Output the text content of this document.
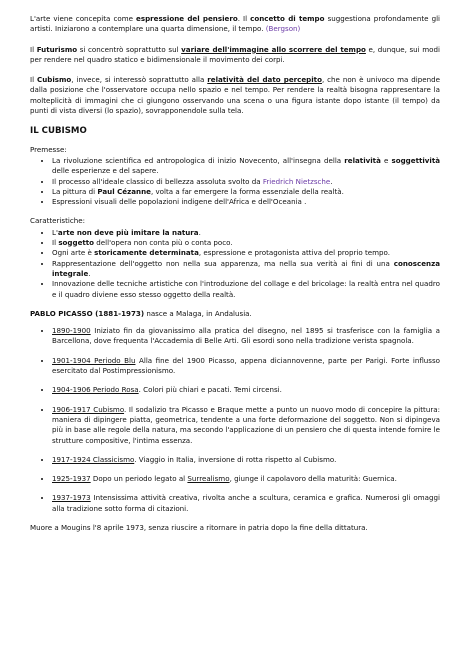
L'arte viene concepita come espressione del pensiero. Il concetto di tempo suggestiona profondamente gli artisti. Iniziarono a contemplare una quarta dimensione, il tempo. (Bergson)

Il Futurismo si concentrò soprattutto sul variare dell'immagine allo scorrere del tempo e, dunque, sui modi per rendere nel quadro statico e bidimensionale il movimento dei corpi.

Il Cubismo, invece, si interessò soprattutto alla relatività del dato percepito, che non è univoco ma dipende dalla posizione che l'osservatore occupa nello spazio e nel tempo. Per rendere la realtà bisogna rappresentare la molteplicità di immagini che ci giungono osservando una scena o una figura istante dopo istante (il tempo) da punti di vista diversi (lo spazio), sovrapponendole sulla tela.

IL CUBISMO

Premesse:

• La rivoluzione scientifica ed antropologica di inizio Novecento, all'insegna della relatività e soggettività delle esperienze e del sapere.
• Il processo all'ideale classico di bellezza assoluta svolto da Friedrich Nietzsche.
• La pittura di Paul Cézanne, volta a far emergere la forma essenziale della realtà.
• Espressioni visuali delle popolazioni indigene dell'Africa e dell'Oceania .

Caratteristiche:

• L'arte non deve più imitare la natura.
• Il soggetto dell'opera non conta più o conta poco.
• Ogni arte è storicamente determinata, espressione e protagonista attiva del proprio tempo.
• Rappresentazione dell'oggetto non nella sua apparenza, ma nella sua verità ai fini di una conoscenza integrale.
• Innovazione delle tecniche artistiche con l'introduzione del collage e del bricolage: la realtà entra nel quadro e il quadro diviene esso stesso oggetto della realtà.

PABLO PICASSO (1881-1973) nasce a Malaga, in Andalusia.

• 1890-1900 Iniziato fin da giovanissimo alla pratica del disegno, nel 1895 si trasferisce con la famiglia a Barcellona, dove frequenta l'Accademia di Belle Arti. Gli esordi sono nella tradizione verista spagnola.
• 1901-1904 Periodo Blu Alla fine del 1900 Picasso, appena diciannovenne, parte per Parigi. Forte influsso esercitato dal Postimpressionismo.
• 1904-1906 Periodo Rosa. Colori più chiari e pacati. Temi circensi.
• 1906-1917 Cubismo. Il sodalizio tra Picasso e Braque mette a punto un nuovo modo di concepire la pittura: maniera di dipingere piatta, geometrica, tendente a una forte deformazione del soggetto. Non si dipingeva più in base alle regole della natura, ma secondo l'applicazione di un pensiero che di questa intende fornire le strutture compositive, l'intima essenza.
• 1917-1924 Classicismo. Viaggio in Italia, inversione di rotta rispetto al Cubismo.
• 1925-1937 Dopo un periodo legato al Surrealismo, giunge il capolavoro della maturità: Guernica.
• 1937-1973 Intensissima attività creativa, rivolta anche a scultura, ceramica e grafica. Numerosi gli omaggi alla tradizione sotto forma di citazioni.

Muore a Mougins l'8 aprile 1973, senza riuscire a ritornare in patria dopo la fine della dittatura.
